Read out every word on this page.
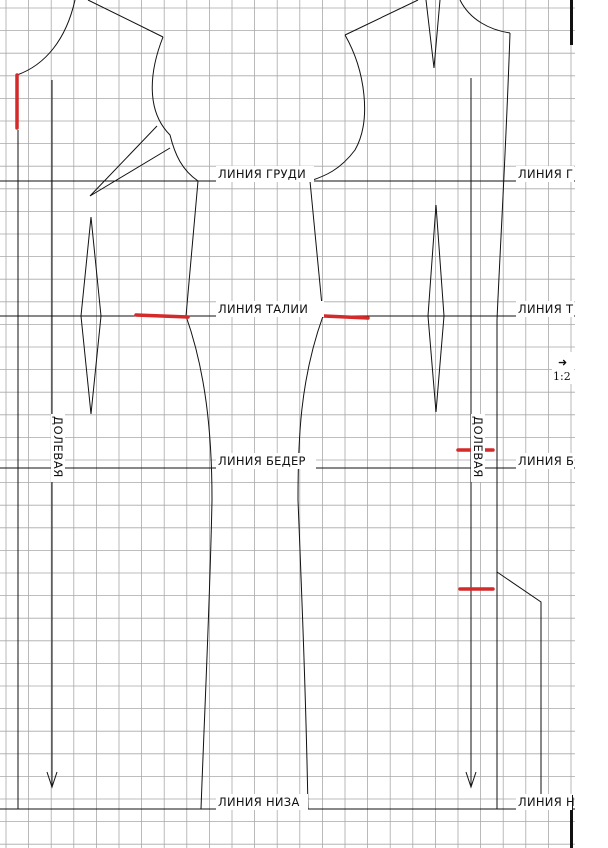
ЛИНИЯ ГРУДИ	ЛИНИЯ Г
ЛИНИЯ ТАЛИИ	ЛИНИЯ Т
ЛИНИЯ БЕДЕР	ЛИНИЯ Б
ЛИНИЯ НИЗА	ЛИНИЯ Н
ДОЛЕВАЯ	ДОЛЕВАЯ
➜
1:2
